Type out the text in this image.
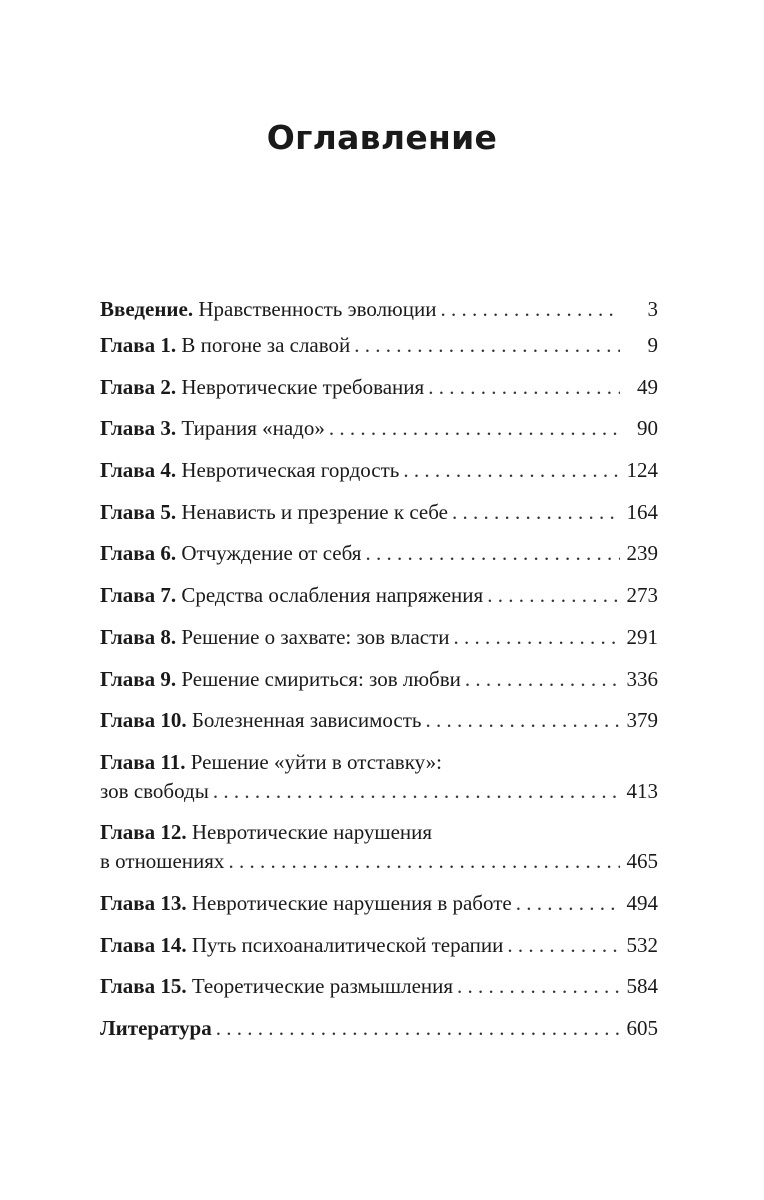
Оглавление
Введение. Нравственность эволюции . . .	3
Глава 1. В погоне за славой . . .	9
Глава 2. Невротические требования . . .	49
Глава 3. Тирания «надо» . . .	90
Глава 4. Невротическая гордость . . .	124
Глава 5. Ненависть и презрение к себе . . .	164
Глава 6. Отчуждение от себя . . .	239
Глава 7. Средства ослабления напряжения . . .	273
Глава 8. Решение о захвате: зов власти . . .	291
Глава 9. Решение смириться: зов любви . . .	336
Глава 10. Болезненная зависимость . . .	379
Глава 11. Решение «уйти в отставку»:
зов свободы . . .	413
Глава 12. Невротические нарушения
в отношениях . . .	465
Глава 13. Невротические нарушения в работе . . .	494
Глава 14. Путь психоаналитической терапии . . .	532
Глава 15. Теоретические размышления . . .	584
Литература . . .	605
